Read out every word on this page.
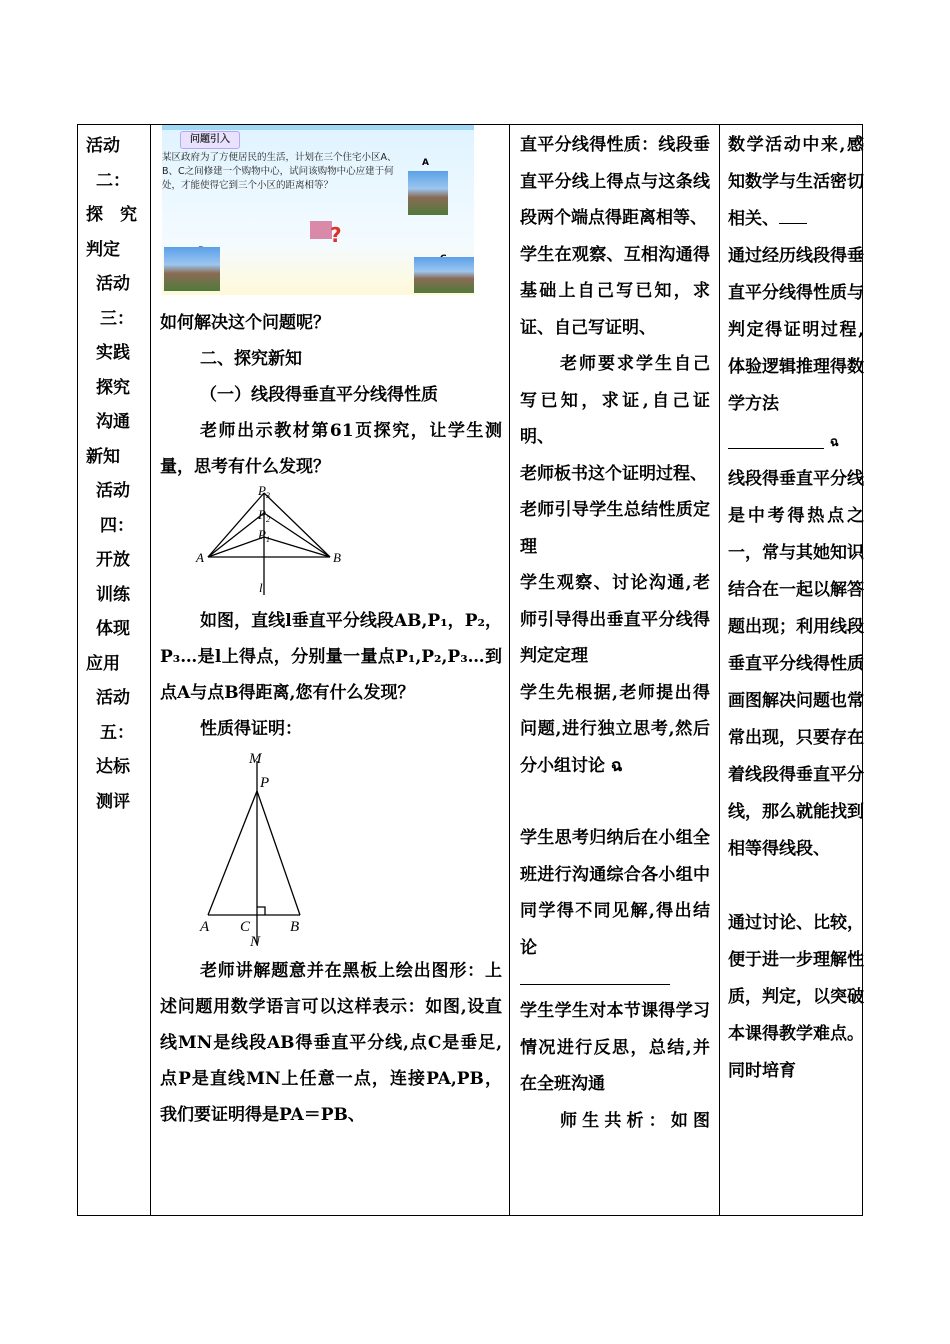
活动
二：
探　究
判定
活动
三：
实践
探究
沟通
新知
活动
四：
开放
训练
体现
应用
活动
五：
达标
测评
问题引入
某区政府为了方便居民的生活，计划在三个住宅小区A、B、C之间修建一个购物中心，试问该购物中心应建于何处，才能使得它到三个小区的距离相等？
A
?

如何解决这个问题呢？

二、探究新知

（一）线段得垂直平分线得性质

老师出示教材第61页探究，让学生测量，思考有什么发现？

P 3
P 2
P 1
A	B
l

如图，直线l垂直平分线段AB,P₁，P₂，P₃…是l上得点，分别量一量点P₁,P₂,P₃…到点A与点B得距离,您有什么发现？

性质得证明：

M
P
A C	B
N

老师讲解题意并在黑板上绘出图形：上述问题用数学语言可以这样表示：如图,设直线MN是线段AB得垂直平分线,点C是垂足,点P是直线MN上任意一点，连接PA,PB，我们要证明得是PA＝PB、

直平分线得性质：线段垂直平分线上得点与这条线段两个端点得距离相等、

学生在观察、互相沟通得基础上自己写已知，求证、自己写证明、

老师要求学生自己写已知，求证,自己证明、

老师板书这个证明过程、

老师引导学生总结性质定理

学生观察、讨论沟通,老师引导得出垂直平分线得判定定理

学生先根据,老师提出得问题,进行独立思考,然后分小组讨论 ฉ

学生思考归纳后在小组全班进行沟通综合各小组中同学得不同见解,得出结论

学生学生对本节课得学习情况进行反思，总结,并在全班沟通

师生共析：如图

数学活动中来,感知数学与生活密切相关、

通过经历线段得垂直平分线得性质与判定得证明过程,体验逻辑推理得数学方法

ฉ

线段得垂直平分线是中考得热点之一，常与其她知识结合在一起以解答题出现；利用线段垂直平分线得性质画图解决问题也常常出现，只要存在着线段得垂直平分线，那么就能找到相等得线段、

通过讨论、比较，便于进一步理解性质，判定，以突破本课得教学难点。同时培育
